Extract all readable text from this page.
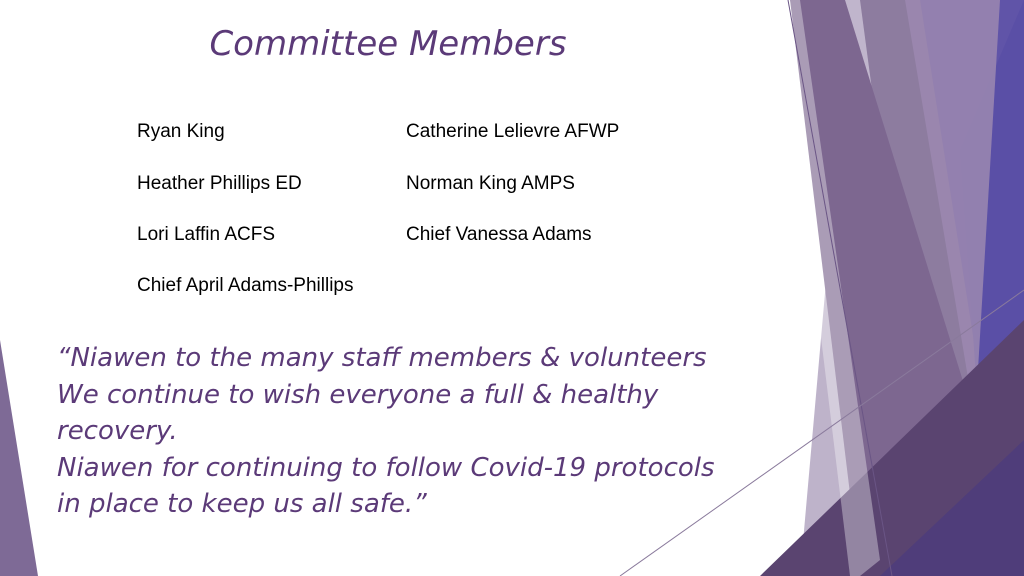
Committee Members
Ryan King
Heather Phillips ED
Lori Laffin ACFS
Chief April Adams-Phillips
Catherine Lelievre AFWP
Norman King AMPS
Chief Vanessa Adams
“Niawen to the many staff members & volunteers
We continue to wish everyone a full & healthy
recovery.
Niawen for continuing to follow Covid-19 protocols
in place to keep us all safe.”
